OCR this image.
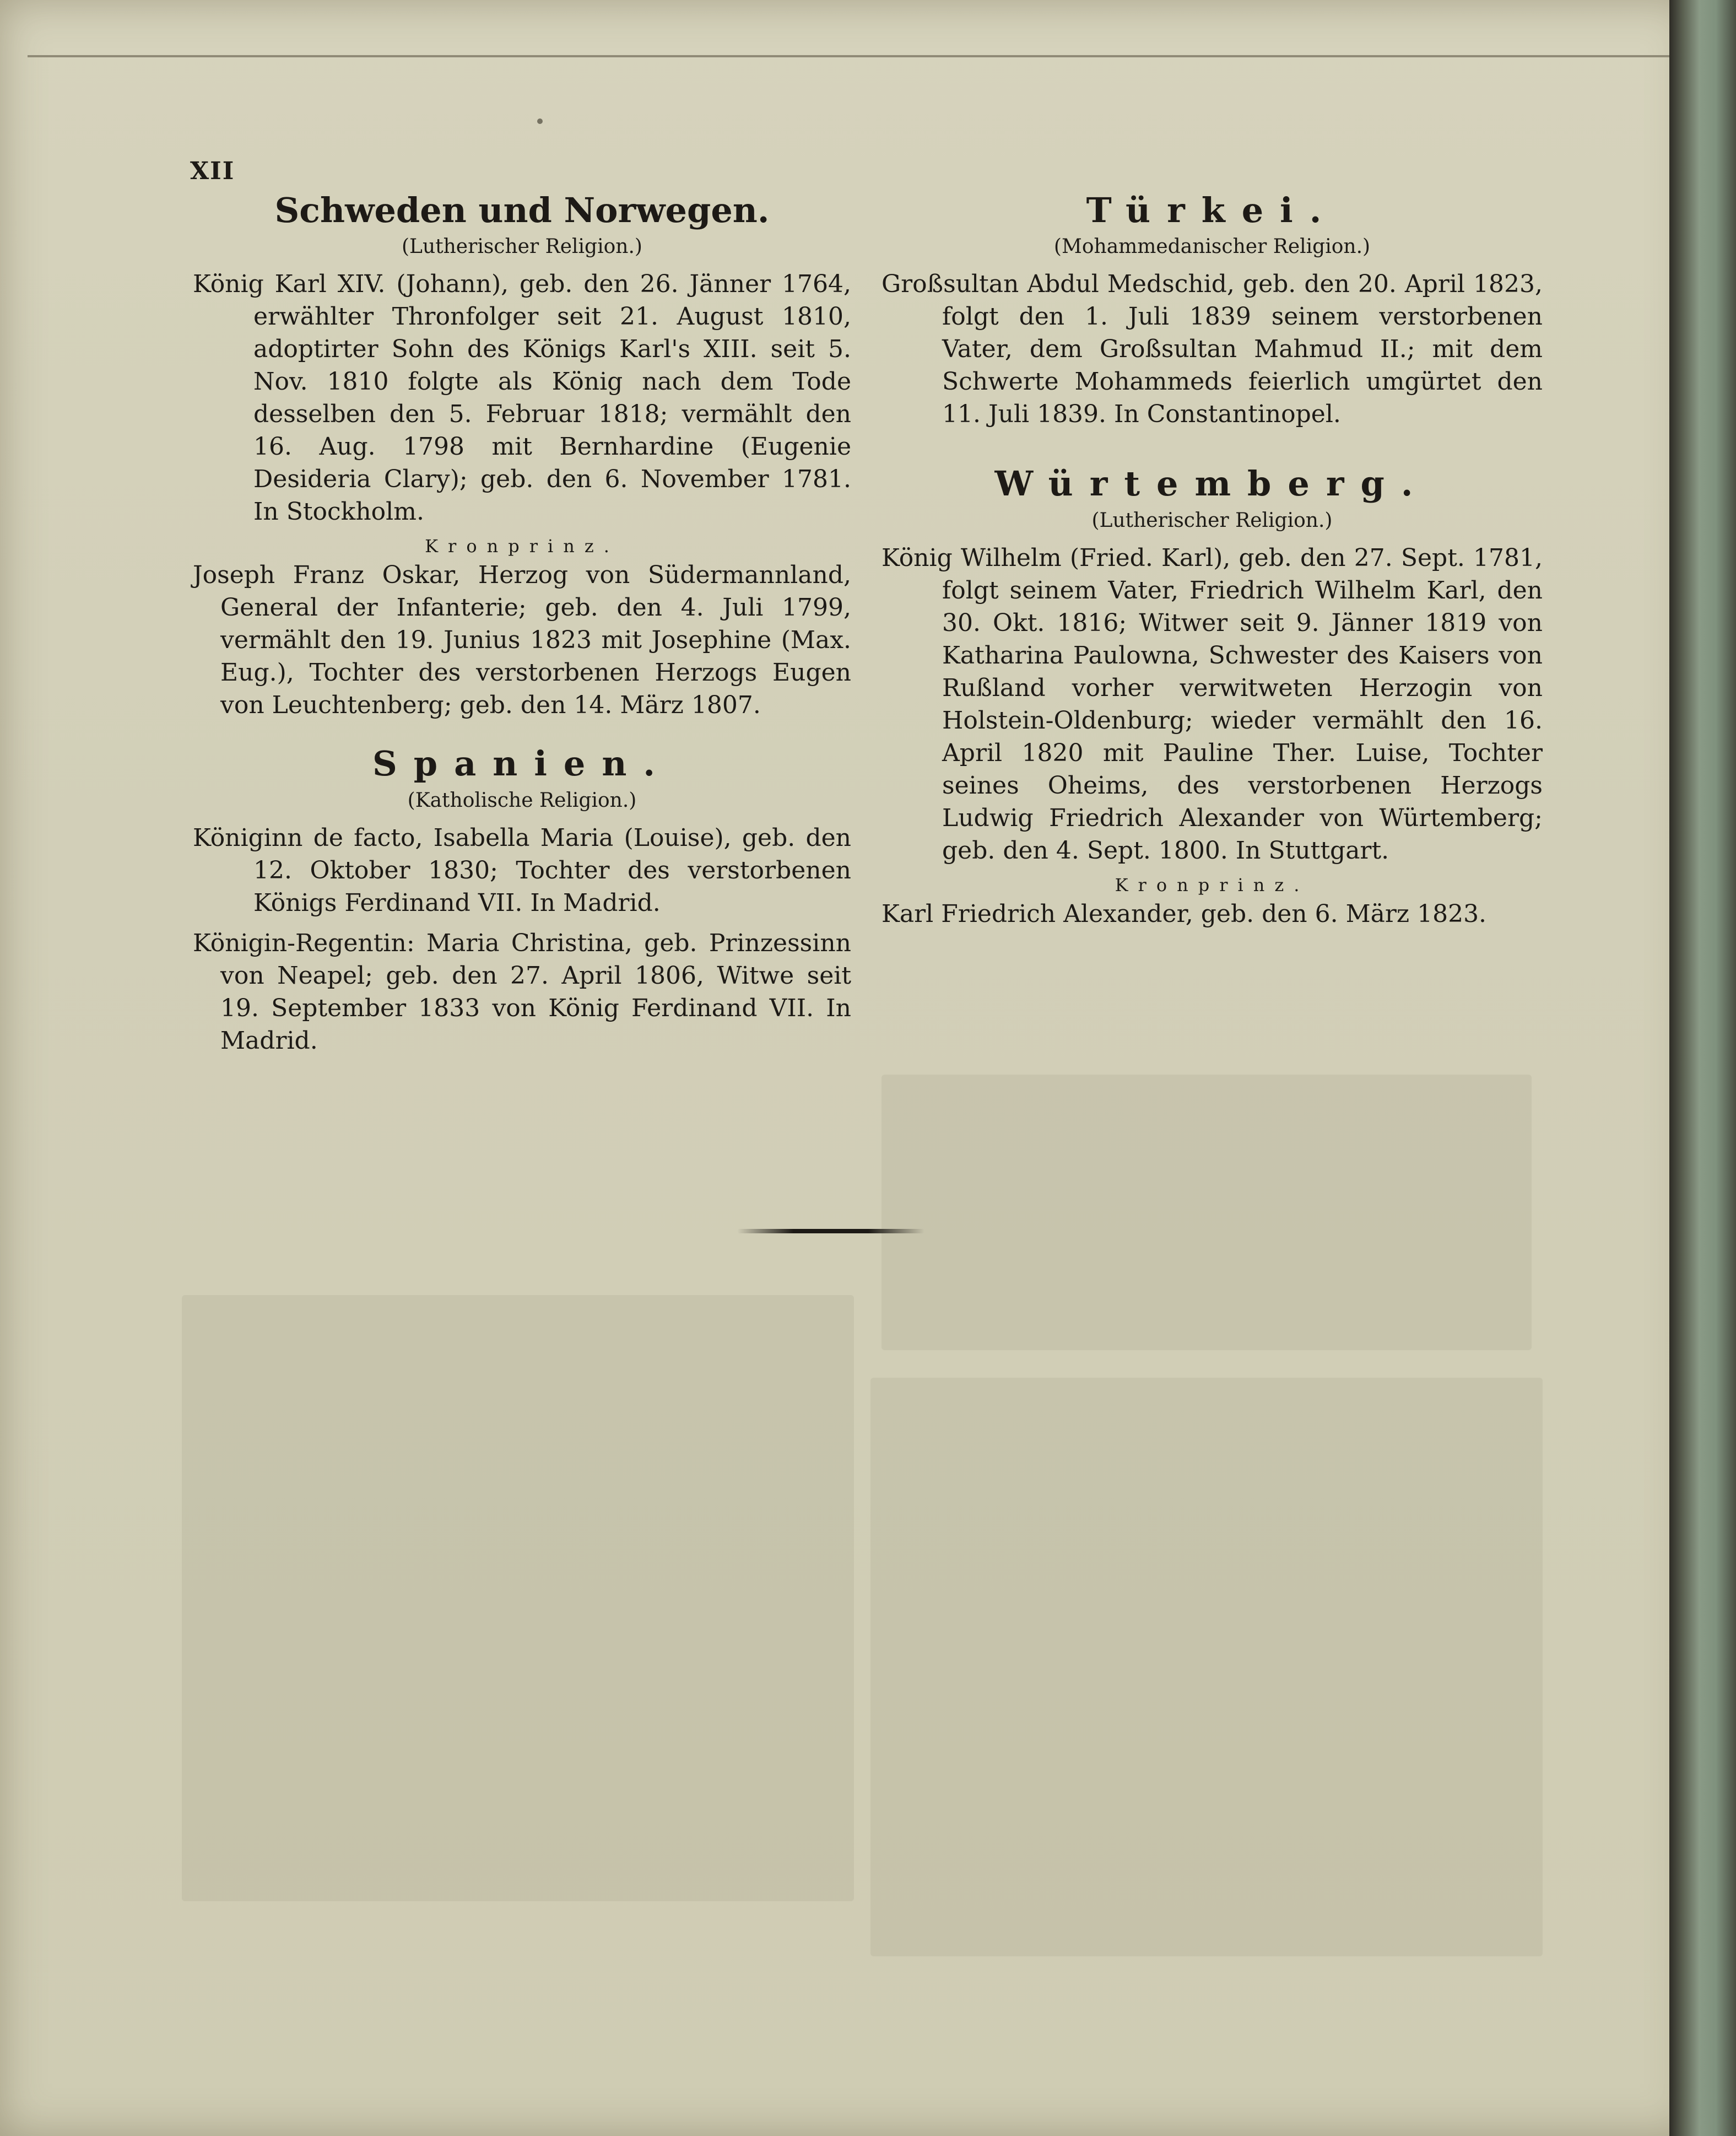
XII
Schweden und Norwegen.
(Lutherischer Religion.)

König Karl XIV. (Johann), geb. den 26. Jänner 1764, erwählter Thronfolger seit 21. August 1810, adoptirter Sohn des Königs Karl's XIII. seit 5. Nov. 1810 folgte als König nach dem Tode desselben den 5. Februar 1818; vermählt den 16. Aug. 1798 mit Bernhardine (Eugenie Desideria Clary); geb. den 6. November 1781. In Stockholm.

Kronprinz.

Joseph Franz Oskar, Herzog von Südermannland, General der Infanterie; geb. den 4. Juli 1799, vermählt den 19. Junius 1823 mit Josephine (Max. Eug.), Tochter des verstorbenen Herzogs Eugen von Leuchtenberg; geb. den 14. März 1807.

Spanien.
(Katholische Religion.)

Königinn de facto, Isabella Maria (Louise), geb. den 12. Oktober 1830; Tochter des verstorbenen Königs Ferdinand VII. In Madrid.

Königin-Regentin: Maria Christina, geb. Prinzessinn von Neapel; geb. den 27. April 1806, Witwe seit 19. September 1833 von König Ferdinand VII. In Madrid.

Türkei.
(Mohammedanischer Religion.)

Großsultan Abdul Medschid, geb. den 20. April 1823, folgt den 1. Juli 1839 seinem verstorbenen Vater, dem Großsultan Mahmud II.; mit dem Schwerte Mohammeds feierlich umgürtet den 11. Juli 1839. In Constantinopel.

Würtemberg.
(Lutherischer Religion.)

König Wilhelm (Fried. Karl), geb. den 27. Sept. 1781, folgt seinem Vater, Friedrich Wilhelm Karl, den 30. Okt. 1816; Witwer seit 9. Jänner 1819 von Katharina Paulowna, Schwester des Kaisers von Rußland vorher verwitweten Herzogin von Holstein-Oldenburg; wieder vermählt den 16. April 1820 mit Pauline Ther. Luise, Tochter seines Oheims, des verstorbenen Herzogs Ludwig Friedrich Alexander von Würtemberg; geb. den 4. Sept. 1800. In Stuttgart.

Kronprinz.

Karl Friedrich Alexander, geb. den 6. März 1823.
